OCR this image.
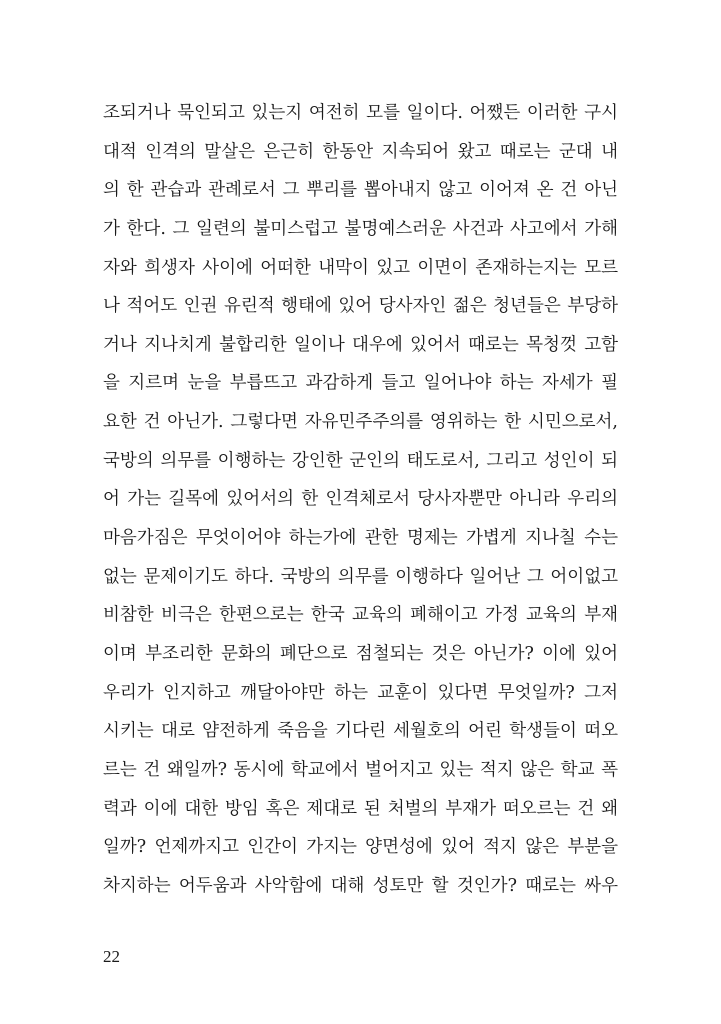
조되거나 묵인되고 있는지 여전히 모를 일이다. 어쨌든 이러한 구시
대적 인격의 말살은 은근히 한동안 지속되어 왔고 때로는 군대 내
의 한 관습과 관례로서 그 뿌리를 뽑아내지 않고 이어져 온 건 아닌
가 한다. 그 일련의 불미스럽고 불명예스러운 사건과 사고에서 가해
자와 희생자 사이에 어떠한 내막이 있고 이면이 존재하는지는 모르
나 적어도 인권 유린적 행태에 있어 당사자인 젊은 청년들은 부당하
거나 지나치게 불합리한 일이나 대우에 있어서 때로는 목청껏 고함
을 지르며 눈을 부릅뜨고 과감하게 들고 일어나야 하는 자세가 필
요한 건 아닌가. 그렇다면 자유민주주의를 영위하는 한 시민으로서,
국방의 의무를 이행하는 강인한 군인의 태도로서, 그리고 성인이 되
어 가는 길목에 있어서의 한 인격체로서 당사자뿐만 아니라 우리의
마음가짐은 무엇이어야 하는가에 관한 명제는 가볍게 지나칠 수는
없는 문제이기도 하다. 국방의 의무를 이행하다 일어난 그 어이없고
비참한 비극은 한편으로는 한국 교육의 폐해이고 가정 교육의 부재
이며 부조리한 문화의 폐단으로 점철되는 것은 아닌가? 이에 있어
우리가 인지하고 깨달아야만 하는 교훈이 있다면 무엇일까? 그저
시키는 대로 얌전하게 죽음을 기다린 세월호의 어린 학생들이 떠오
르는 건 왜일까? 동시에 학교에서 벌어지고 있는 적지 않은 학교 폭
력과 이에 대한 방임 혹은 제대로 된 처벌의 부재가 떠오르는 건 왜
일까? 언제까지고 인간이 가지는 양면성에 있어 적지 않은 부분을
차지하는 어두움과 사악함에 대해 성토만 할 것인가? 때로는 싸우
22
